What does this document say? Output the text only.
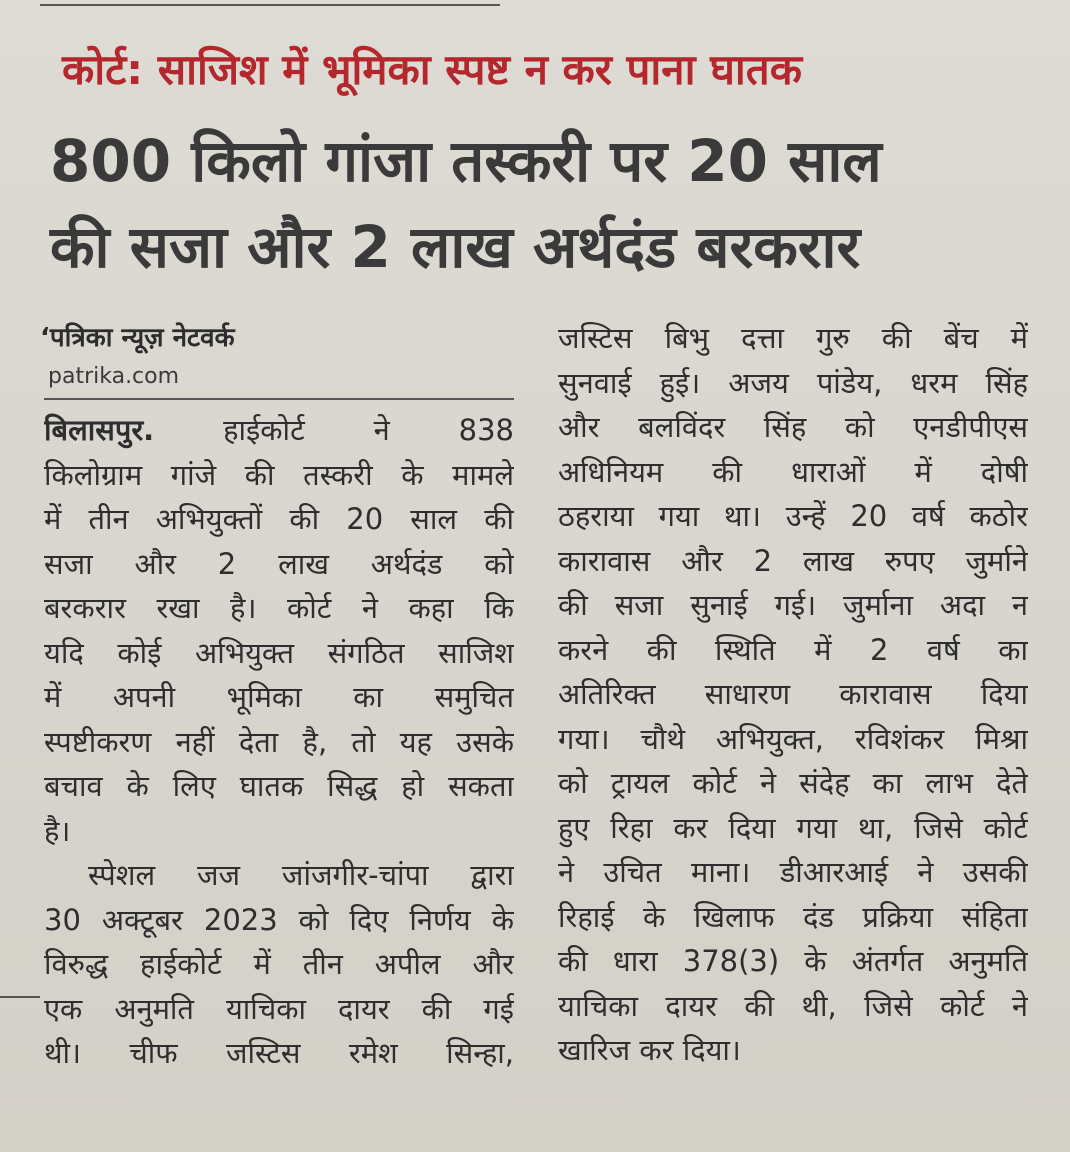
कोर्ट: साजिश में भूमिका स्पष्ट न कर पाना घातक
800 किलो गांजा तस्करी पर 20 साल
की सजा और 2 लाख अर्थदंड बरकरार
‘पत्रिका न्यूज़ नेटवर्क
patrika.com
बिलासपुर. हाईकोर्ट ने 838
किलोग्राम गांजे की तस्करी के मामले
में तीन अभियुक्तों की 20 साल की
सजा और 2 लाख अर्थदंड को
बरकरार रखा है। कोर्ट ने कहा कि
यदि कोई अभियुक्त संगठित साजिश
में अपनी भूमिका का समुचित
स्पष्टीकरण नहीं देता है, तो यह उसके
बचाव के लिए घातक सिद्ध हो सकता
है।
स्पेशल जज जांजगीर-चांपा द्वारा
30 अक्टूबर 2023 को दिए निर्णय के
विरुद्ध हाईकोर्ट में तीन अपील और
एक अनुमति याचिका दायर की गई
थी। चीफ जस्टिस रमेश सिन्हा,
जस्टिस बिभु दत्ता गुरु की बेंच में
सुनवाई हुई। अजय पांडेय, धरम सिंह
और बलविंदर सिंह को एनडीपीएस
अधिनियम की धाराओं में दोषी
ठहराया गया था। उन्हें 20 वर्ष कठोर
कारावास और 2 लाख रुपए जुर्माने
की सजा सुनाई गई। जुर्माना अदा न
करने की स्थिति में 2 वर्ष का
अतिरिक्त साधारण कारावास दिया
गया। चौथे अभियुक्त, रविशंकर मिश्रा
को ट्रायल कोर्ट ने संदेह का लाभ देते
हुए रिहा कर दिया गया था, जिसे कोर्ट
ने उचित माना। डीआरआई ने उसकी
रिहाई के खिलाफ दंड प्रक्रिया संहिता
की धारा 378(3) के अंतर्गत अनुमति
याचिका दायर की थी, जिसे कोर्ट ने
खारिज कर दिया।
